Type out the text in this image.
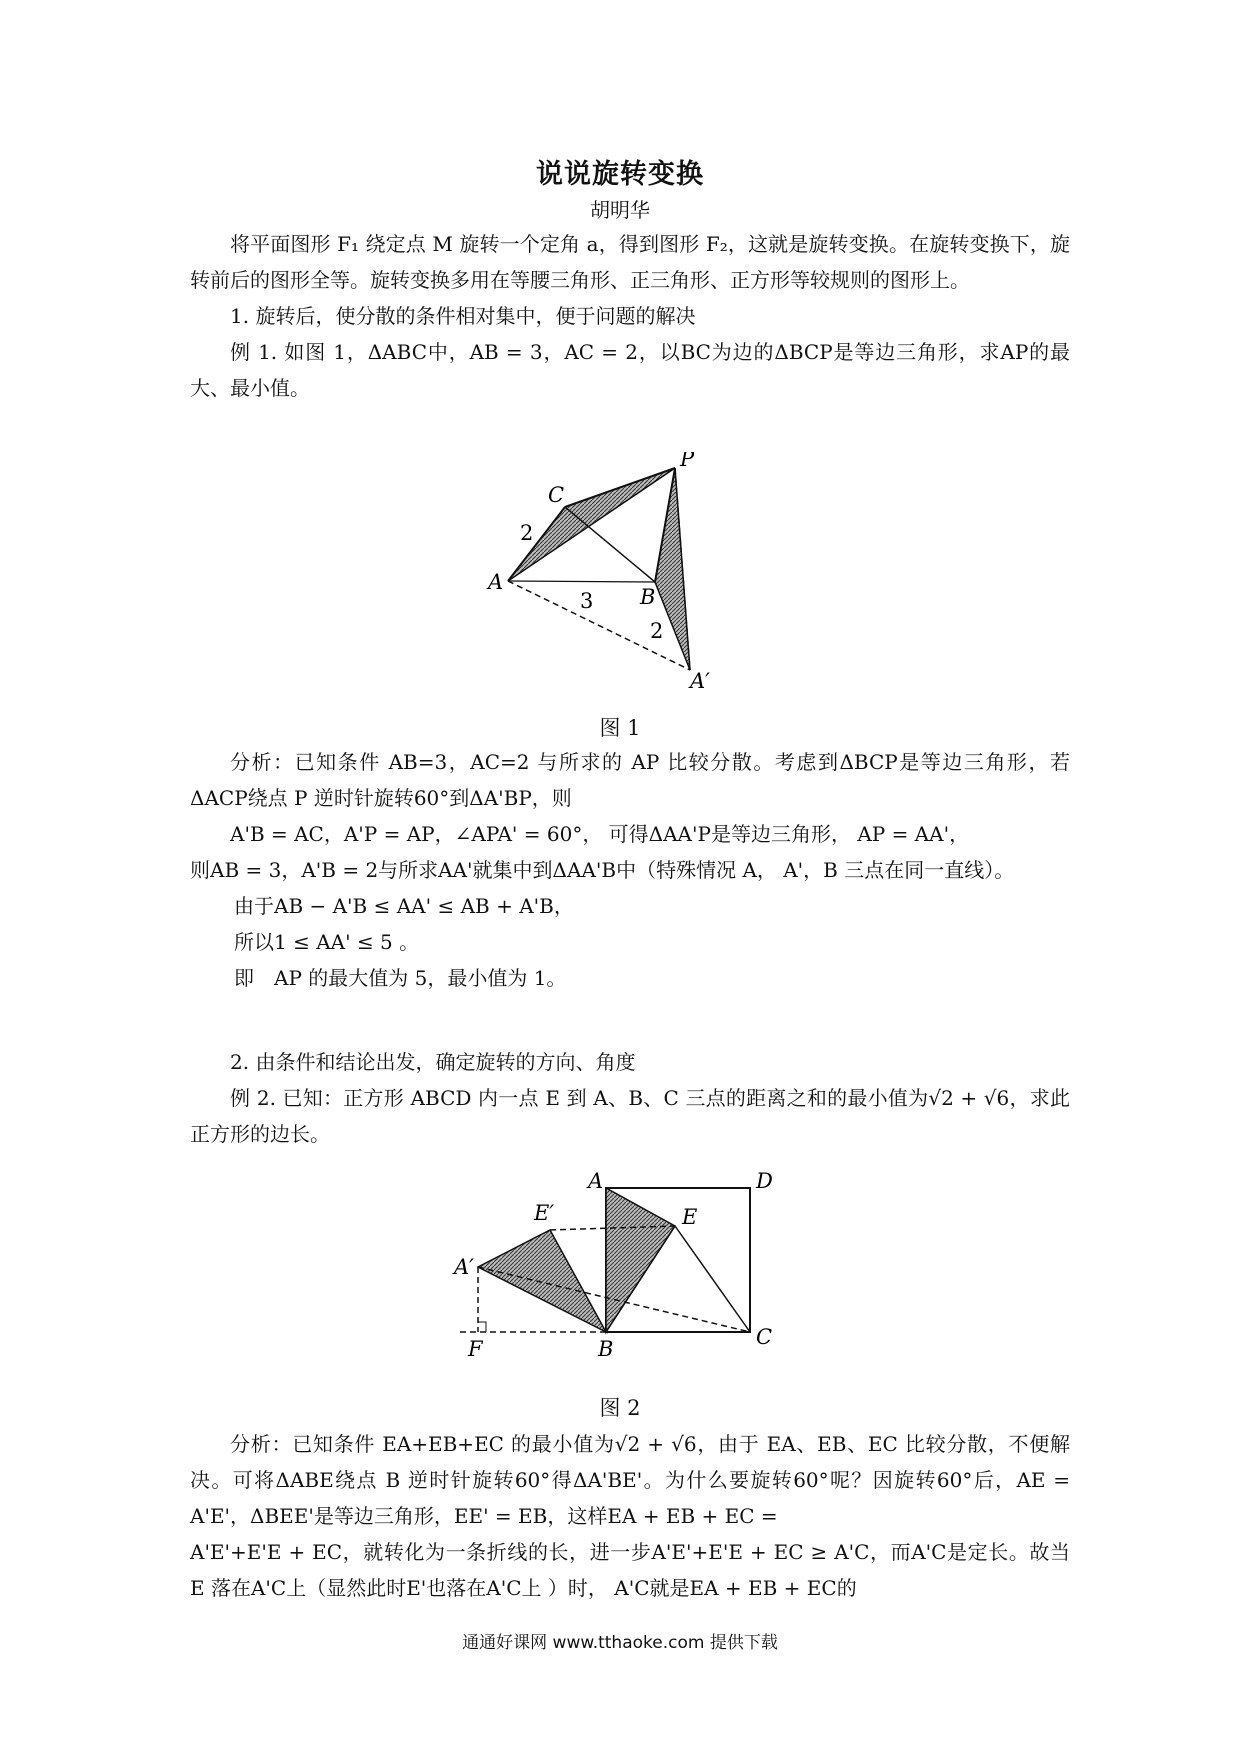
说说旋转变换
胡明华

将平面图形 F₁ 绕定点 M 旋转一个定角 a，得到图形 F₂，这就是旋转变换。在旋转变换下，旋转前后的图形全等。旋转变换多用在等腰三角形、正三角形、正方形等较规则的图形上。

1. 旋转后，使分散的条件相对集中，便于问题的解决

例 1. 如图 1，ΔABC中，AB = 3，AC = 2，以BC为边的ΔBCP是等边三角形，求AP的最大、最小值。

A
B
C
P
A′
2
3
2
图 1

分析：已知条件 AB=3，AC=2 与所求的 AP 比较分散。考虑到ΔBCP是等边三角形，若ΔACP绕点 P 逆时针旋转60°到ΔA'BP，则

A'B = AC，A'P = AP，∠APA' = 60°， 可得ΔAA'P是等边三角形， AP = AA'，

则AB = 3，A'B = 2与所求AA'就集中到ΔAA'B中（特殊情况 A， A'，B 三点在同一直线）。

由于AB − A'B ≤ AA' ≤ AB + A'B，

所以1 ≤ AA' ≤ 5 。

即　AP 的最大值为 5，最小值为 1。

2. 由条件和结论出发，确定旋转的方向、角度

例 2. 已知：正方形 ABCD 内一点 E 到 A、B、C 三点的距离之和的最小值为√2 + √6，求此正方形的边长。

A	D
E
E′
A′
B	C
F
图 2

分析：已知条件 EA+EB+EC 的最小值为√2 + √6，由于 EA、EB、EC 比较分散，不便解决。可将ΔABE绕点 B 逆时针旋转60°得ΔA'BE'。为什么要旋转60°呢？因旋转60°后，AE = A'E'，ΔBEE'是等边三角形，EE' = EB，这样EA + EB + EC =

A'E'+E'E + EC，就转化为一条折线的长，进一步A'E'+E'E + EC ≥ A'C，而A'C是定长。故当 E 落在A'C上（显然此时E'也落在A'C上 ）时， A'C就是EA + EB + EC的

通通好课网 www.tthaoke.com 提供下载
